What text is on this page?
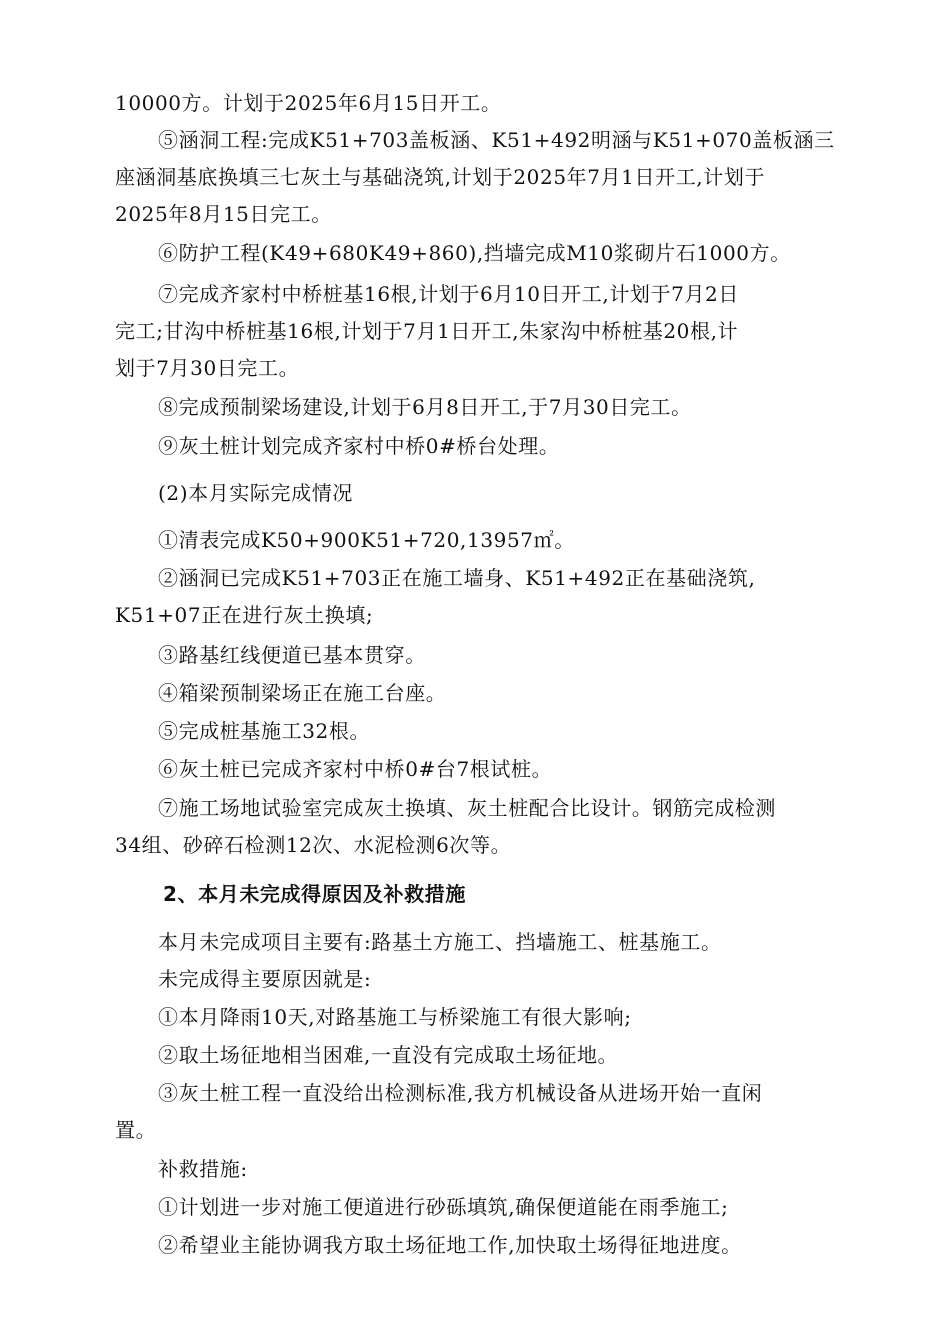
10000方。计划于2025年6月15日开工。
⑤涵洞工程:完成K51+703盖板涵、K51+492明涵与K51+070盖板涵三
座涵洞基底换填三七灰土与基础浇筑,计划于2025年7月1日开工,计划于
2025年8月15日完工。
⑥防护工程(K49+680K49+860),挡墙完成M10浆砌片石1000方。
⑦完成齐家村中桥桩基16根,计划于6月10日开工,计划于7月2日
完工;甘沟中桥桩基16根,计划于7月1日开工,朱家沟中桥桩基20根,计
划于7月30日完工。
⑧完成预制梁场建设,计划于6月8日开工,于7月30日完工。
⑨灰土桩计划完成齐家村中桥0#桥台处理。
(2)本月实际完成情况
①清表完成K50+900K51+720,13957㎡。
②涵洞已完成K51+703正在施工墙身、K51+492正在基础浇筑,
K51+07正在进行灰土换填;
③路基红线便道已基本贯穿。
④箱梁预制梁场正在施工台座。
⑤完成桩基施工32根。
⑥灰土桩已完成齐家村中桥0#台7根试桩。
⑦施工场地试验室完成灰土换填、灰土桩配合比设计。钢筋完成检测
34组、砂碎石检测12次、水泥检测6次等。
2、本月未完成得原因及补救措施
本月未完成项目主要有:路基土方施工、挡墙施工、桩基施工。
未完成得主要原因就是:
①本月降雨10天,对路基施工与桥梁施工有很大影响;
②取土场征地相当困难,一直没有完成取土场征地。
③灰土桩工程一直没给出检测标准,我方机械设备从进场开始一直闲
置。
补救措施:
①计划进一步对施工便道进行砂砾填筑,确保便道能在雨季施工;
②希望业主能协调我方取土场征地工作,加快取土场得征地进度。
